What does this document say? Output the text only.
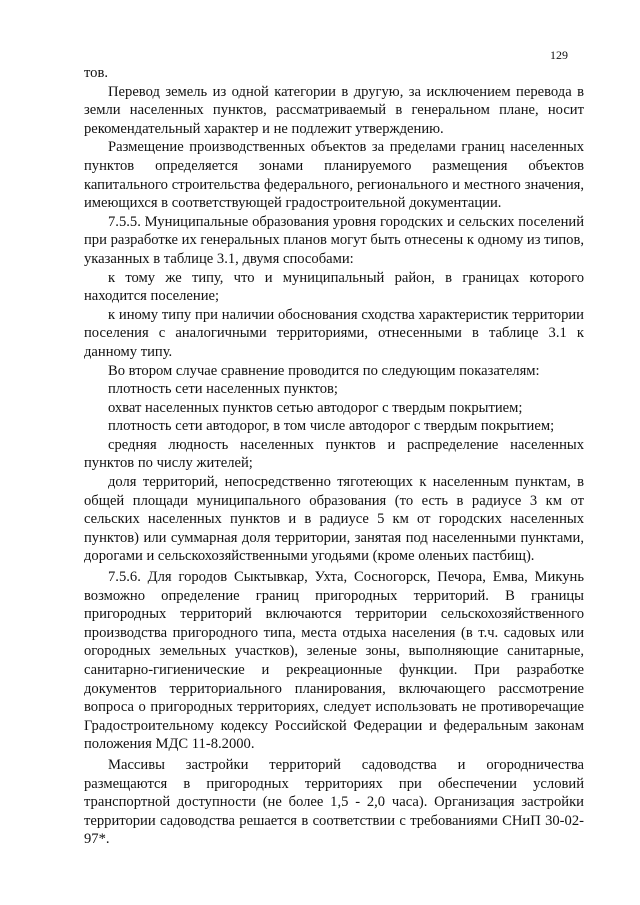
129

тов.

Перевод земель из одной категории в другую, за исключением перевода в земли населенных пунктов, рассматриваемый в генеральном плане, носит рекомендательный характер и не подлежит утверждению.

Размещение производственных объектов за пределами границ населенных пунктов определяется зонами планируемого размещения объектов капитального строительства федерального, регионального и местного значения, имеющихся в соответствующей градостроительной документации.

7.5.5. Муниципальные образования уровня городских и сельских поселений при разработке их генеральных планов могут быть отнесены к одному из типов, указанных в таблице 3.1, двумя способами:

к тому же типу, что и муниципальный район, в границах которого находится поселение;

к иному типу при наличии обоснования сходства характеристик территории поселения с аналогичными территориями, отнесенными в таблице 3.1 к данному типу.

Во втором случае сравнение проводится по следующим показателям:

плотность сети населенных пунктов;

охват населенных пунктов сетью автодорог с твердым покрытием;

плотность сети автодорог, в том числе автодорог с твердым покрытием;

средняя людность населенных пунктов и распределение населенных пунктов по числу жителей;

доля территорий, непосредственно тяготеющих к населенным пунктам, в общей площади муниципального образования (то есть в радиусе 3 км от сельских населенных пунктов и в радиусе 5 км от городских населенных пунктов) или суммарная доля территории, занятая под населенными пунктами, дорогами и сельскохозяйственными угодьями (кроме оленьих пастбищ).

7.5.6. Для городов Сыктывкар, Ухта, Сосногорск, Печора, Емва, Микунь возможно определение границ пригородных территорий. В границы пригородных территорий включаются территории сельскохозяйственного производства пригородного типа, места отдыха населения (в т.ч. садовых или огородных земельных участков), зеленые зоны, выполняющие санитарные, санитарно-гигиенические и рекреационные функции. При разработке документов территориального планирования, включающего рассмотрение вопроса о пригородных территориях, следует использовать не противоречащие Градостроительному кодексу Российской Федерации и федеральным законам положения МДС 11-8.2000.

Массивы застройки территорий садоводства и огородничества размещаются в пригородных территориях при обеспечении условий транспортной доступности (не более 1,5 - 2,0 часа). Организация застройки территории садоводства решается в соответствии с требованиями СНиП 30-02-97*.
